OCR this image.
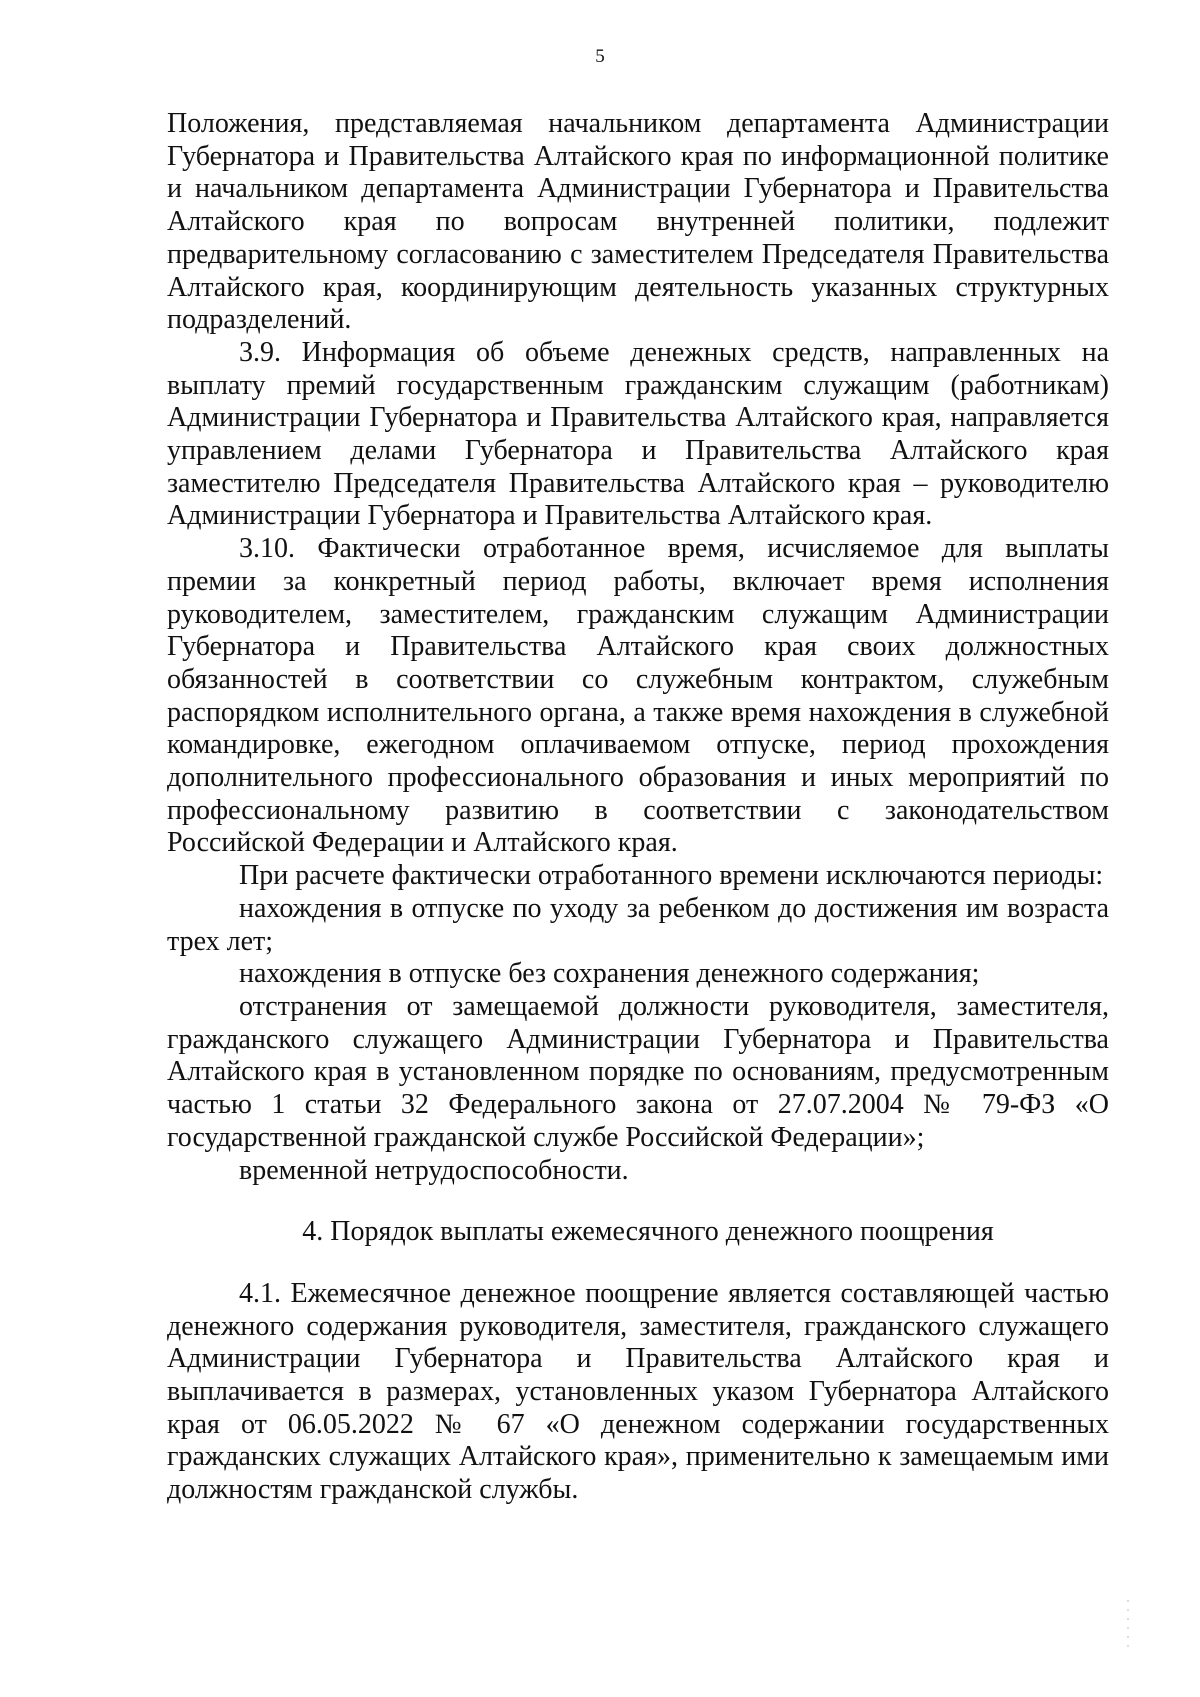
5

Положения, представляемая начальником департамента Администрации Губернатора и Правительства Алтайского края по информационной политике и начальником департамента Администрации Губернатора и Правительства Алтайского края по вопросам внутренней политики, подлежит предварительному согласованию с заместителем Председателя Правительства Алтайского края, координирующим деятельность указанных структурных подразделений.

3.9. Информация об объеме денежных средств, направленных на выплату премий государственным гражданским служащим (работникам) Администрации Губернатора и Правительства Алтайского края, направляется управлением делами Губернатора и Правительства Алтайского края заместителю Председателя Правительства Алтайского края – руководителю Администрации Губернатора и Правительства Алтайского края.

3.10. Фактически отработанное время, исчисляемое для выплаты премии за конкретный период работы, включает время исполнения руководителем, заместителем, гражданским служащим Администрации Губернатора и Правительства Алтайского края своих должностных обязанностей в соответствии со служебным контрактом, служебным распорядком исполнительного органа, а также время нахождения в служебной командировке, ежегодном оплачиваемом отпуске, период прохождения дополнительного профессионального образования и иных мероприятий по профессиональному развитию в соответствии с законодательством Российской Федерации и Алтайского края.

При расчете фактически отработанного времени исключаются периоды:

нахождения в отпуске по уходу за ребенком до достижения им возраста трех лет;

нахождения в отпуске без сохранения денежного содержания;

отстранения от замещаемой должности руководителя, заместителя, гражданского служащего Администрации Губернатора и Правительства Алтайского края в установленном порядке по основаниям, предусмотренным частью 1 статьи 32 Федерального закона от 27.07.2004 № 79-ФЗ «О государственной гражданской службе Российской Федерации»;

временной нетрудоспособности.

4. Порядок выплаты ежемесячного денежного поощрения

4.1. Ежемесячное денежное поощрение является составляющей частью денежного содержания руководителя, заместителя, гражданского служащего Администрации Губернатора и Правительства Алтайского края и выплачивается в размерах, установленных указом Губернатора Алтайского края от 06.05.2022 № 67 «О денежном содержании государственных гражданских служащих Алтайского края», применительно к замещаемым ими должностям гражданской службы.
